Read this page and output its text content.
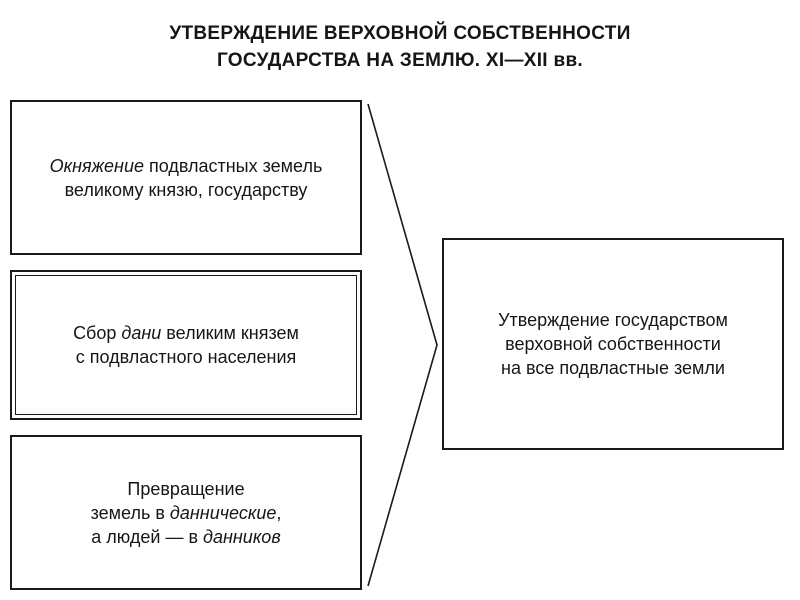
УТВЕРЖДЕНИЕ ВЕРХОВНОЙ СОБСТВЕННОСТИ
ГОСУДАРСТВА НА ЗЕМЛЮ. XI—XII вв.
Окняжение подвластных земель
великому князю, государству
Сбор дани великим князем
с подвластного населения
Превращение
земель в даннические,
а людей — в данников
Утверждение государством
верховной собственности
на все подвластные земли
